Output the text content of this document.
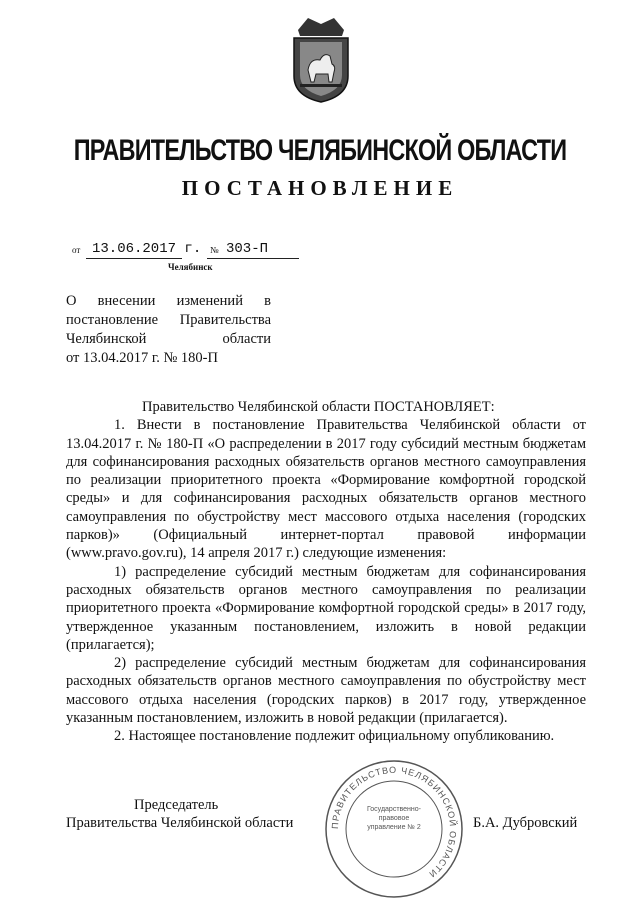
ПРАВИТЕЛЬСТВО ЧЕЛЯБИНСКОЙ ОБЛАСТИ
ПОСТАНОВЛЕНИЕ
от 13.06.2017 г. № 303-П
Челябинск
О внесении изменений в
постановление Правительства
Челябинской области
от 13.04.2017 г. № 180-П

Правительство Челябинской области ПОСТАНОВЛЯЕТ:

1. Внести в постановление Правительства Челябинской области от 13.04.2017 г. № 180-П «О распределении в 2017 году субсидий местным бюджетам для софинансирования расходных обязательств органов местного самоуправления по реализации приоритетного проекта «Формирование комфортной городской среды» и для софинансирования расходных обязательств органов местного самоуправления по обустройству мест массового отдыха населения (городских парков)» (Официальный интернет-портал правовой информации (www.pravo.gov.ru), 14 апреля 2017 г.) следующие изменения:

1) распределение субсидий местным бюджетам для софинансирования расходных обязательств органов местного самоуправления по реализации приоритетного проекта «Формирование комфортной городской среды» в 2017 году, утвержденное указанным постановлением, изложить в новой редакции (прилагается);

2) распределение субсидий местным бюджетам для софинансирования расходных обязательств органов местного самоуправления по обустройству мест массового отдыха населения (городских парков) в 2017 году, утвержденное указанным постановлением, изложить в новой редакции (прилагается).

2. Настоящее постановление подлежит официальному опубликованию.

Председатель
Правительства Челябинской области	Б.А. Дубровский
ПРАВИТЕЛЬСТВО ЧЕЛЯБИНСКОЙ ОБЛАСТИ
Государственно-правовое управление № 2
